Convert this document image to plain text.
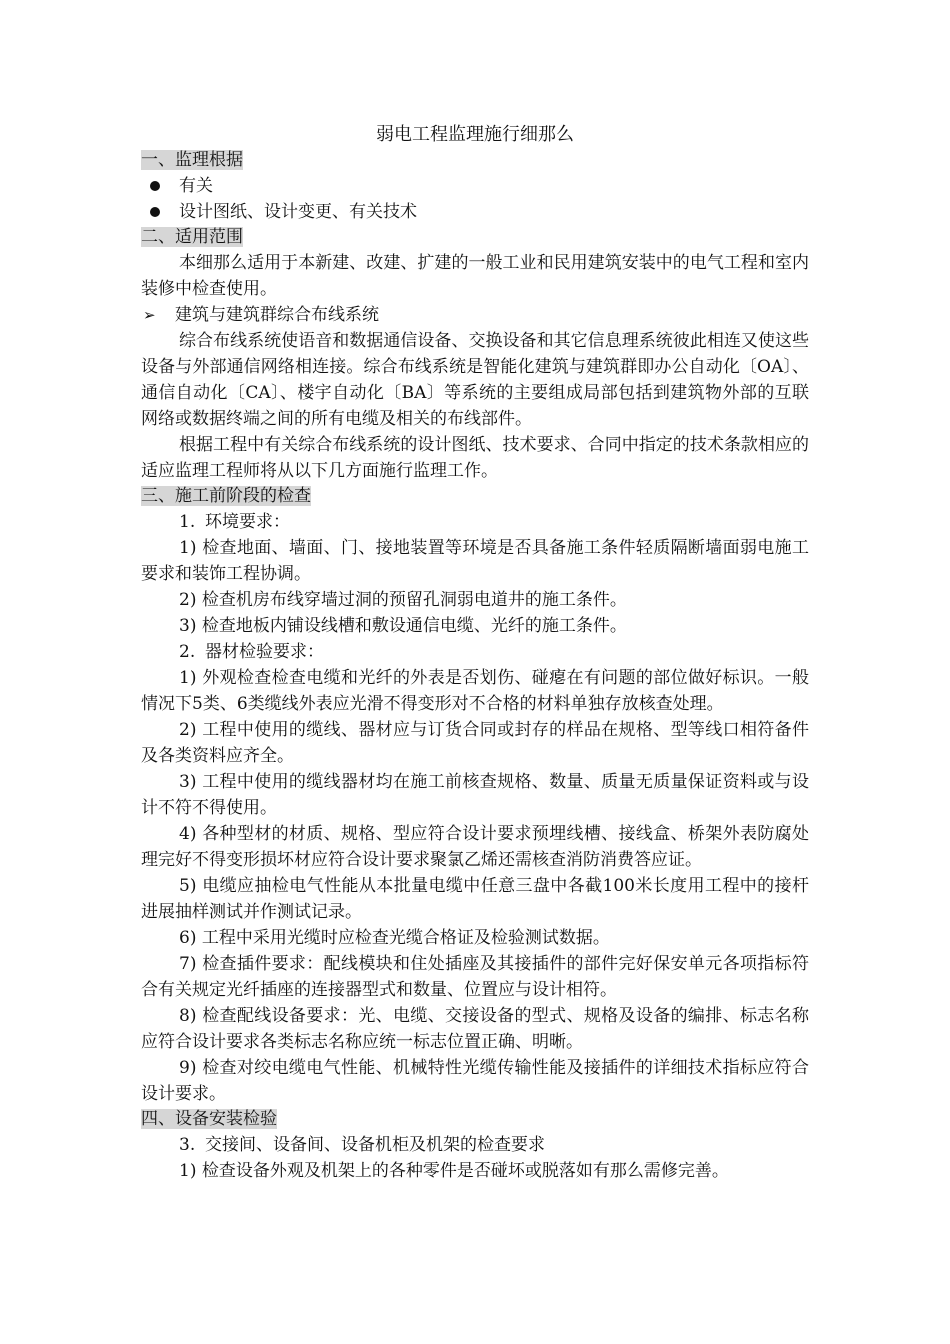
弱电工程监理施行细那么
一、监理根据
有关
设计图纸、设计变更、有关技术
二、适用范围
本细那么适用于本新建、改建、扩建的一般工业和民用建筑安装中的电气工程和室内装修中检查使用。
➢ 建筑与建筑群综合布线系统
综合布线系统使语音和数据通信设备、交换设备和其它信息理系统彼此相连又使这些设备与外部通信网络相连接。综合布线系统是智能化建筑与建筑群即办公自动化〔OA〕、通信自动化〔CA〕、楼宇自动化〔BA〕等系统的主要组成局部包括到建筑物外部的互联网络或数据终端之间的所有电缆及相关的布线部件。
根据工程中有关综合布线系统的设计图纸、技术要求、合同中指定的技术条款相应的适应监理工程师将从以下几方面施行监理工作。
三、施工前阶段的检查
1. 环境要求：
1) 检查地面、墙面、门、接地装置等环境是否具备施工条件轻质隔断墙面弱电施工要求和装饰工程协调。
2) 检查机房布线穿墙过洞的预留孔洞弱电道井的施工条件。
3) 检查地板内铺设线槽和敷设通信电缆、光纤的施工条件。
2. 器材检验要求：
1) 外观检查检查电缆和光纤的外表是否划伤、碰瘪在有问题的部位做好标识。一般情况下5类、6类缆线外表应光滑不得变形对不合格的材料单独存放核查处理。
2) 工程中使用的缆线、器材应与订货合同或封存的样品在规格、型等线口相符备件及各类资料应齐全。
3) 工程中使用的缆线器材均在施工前核查规格、数量、质量无质量保证资料或与设计不符不得使用。
4) 各种型材的材质、规格、型应符合设计要求预埋线槽、接线盒、桥架外表防腐处理完好不得变形损坏材应符合设计要求聚氯乙烯还需核查消防消费答应证。
5) 电缆应抽检电气性能从本批量电缆中任意三盘中各截100米长度用工程中的接杆进展抽样测试并作测试记录。
6) 工程中采用光缆时应检查光缆合格证及检验测试数据。
7) 检查插件要求：配线模块和住处插座及其接插件的部件完好保安单元各项指标符合有关规定光纤插座的连接器型式和数量、位置应与设计相符。
8) 检查配线设备要求：光、电缆、交接设备的型式、规格及设备的编排、标志名称应符合设计要求各类标志名称应统一标志位置正确、明晰。
9) 检查对绞电缆电气性能、机械特性光缆传输性能及接插件的详细技术指标应符合设计要求。
四、设备安装检验
3. 交接间、设备间、设备机柜及机架的检查要求
1) 检查设备外观及机架上的各种零件是否碰坏或脱落如有那么需修完善。
